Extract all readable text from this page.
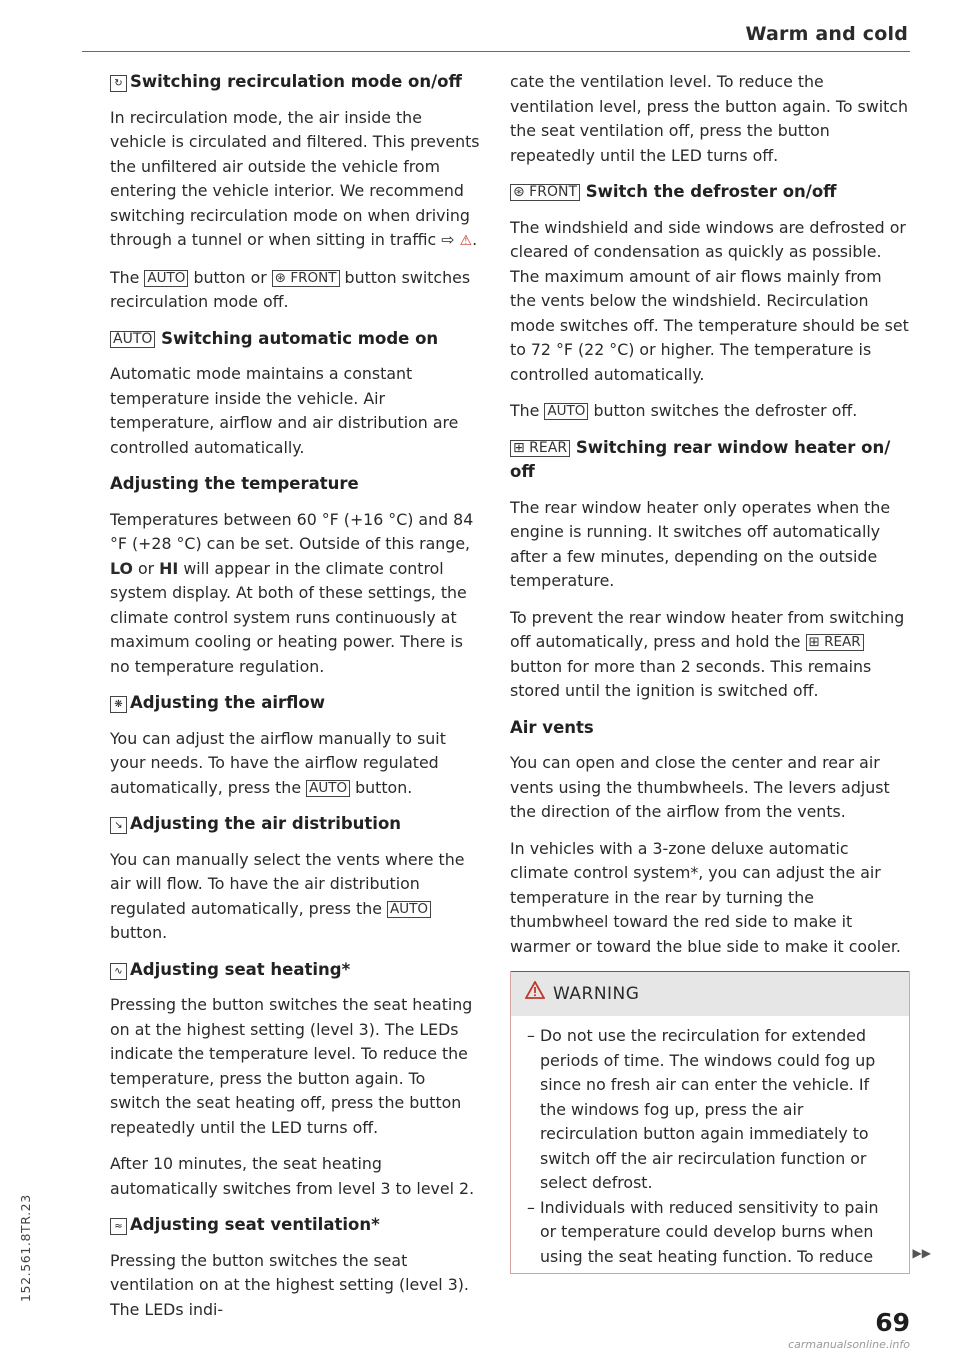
Warm and cold
↻ Switching recirculation mode on/off

In recirculation mode, the air inside the vehicle is circulated and filtered. This prevents the unfiltered air outside the vehicle from entering the vehicle interior. We recommend switching recirculation mode on when driving through a tunnel or when sitting in traffic ⇨ ⚠.

The AUTO button or ⊛ FRONT button switches recirculation mode off.

AUTO Switching automatic mode on

Automatic mode maintains a constant temperature inside the vehicle. Air temperature, airflow and air distribution are controlled automatically.

Adjusting the temperature

Temperatures between 60 °F (+16 °C) and 84 °F (+28 °C) can be set. Outside of this range, LO or HI will appear in the climate control system display. At both of these settings, the climate control system runs continuously at maximum cooling or heating power. There is no temperature regulation.

❋ Adjusting the airflow

You can adjust the airflow manually to suit your needs. To have the airflow regulated automatically, press the AUTO button.

↘ Adjusting the air distribution

You can manually select the vents where the air will flow. To have the air distribution regulated automatically, press the AUTO button.

∿ Adjusting seat heating*

Pressing the button switches the seat heating on at the highest setting (level 3). The LEDs indicate the temperature level. To reduce the temperature, press the button again. To switch the seat heating off, press the button repeatedly until the LED turns off.

After 10 minutes, the seat heating automatically switches from level 3 to level 2.

≈ Adjusting seat ventilation*

Pressing the button switches the seat ventilation on at the highest setting (level 3). The LEDs indi-

cate the ventilation level. To reduce the ventilation level, press the button again. To switch the seat ventilation off, press the button repeatedly until the LED turns off.

⊛ FRONT Switch the defroster on/off

The windshield and side windows are defrosted or cleared of condensation as quickly as possible. The maximum amount of air flows mainly from the vents below the windshield. Recirculation mode switches off. The temperature should be set to 72 °F (22 °C) or higher. The temperature is controlled automatically.

The AUTO button switches the defroster off.

⊞ REAR Switching rear window heater on/ off

The rear window heater only operates when the engine is running. It switches off automatically after a few minutes, depending on the outside temperature.

To prevent the rear window heater from switching off automatically, press and hold the ⊞ REAR button for more than 2 seconds. This remains stored until the ignition is switched off.

Air vents

You can open and close the center and rear air vents using the thumbwheels. The levers adjust the direction of the airflow from the vents.

In vehicles with a 3-zone deluxe automatic climate control system*, you can adjust the air temperature in the rear by turning the thumbwheel toward the red side to make it warmer or toward the blue side to make it cooler.

WARNING
– Do not use the recirculation for extended periods of time. The windows could fog up since no fresh air can enter the vehicle. If the windows fog up, press the air recirculation button again immediately to switch off the air recirculation function or select defrost.
– Individuals with reduced sensitivity to pain or temperature could develop burns when using the seat heating function. To reduce	▶▶
152.561.8TR.23
69
carmanualsonline.info
